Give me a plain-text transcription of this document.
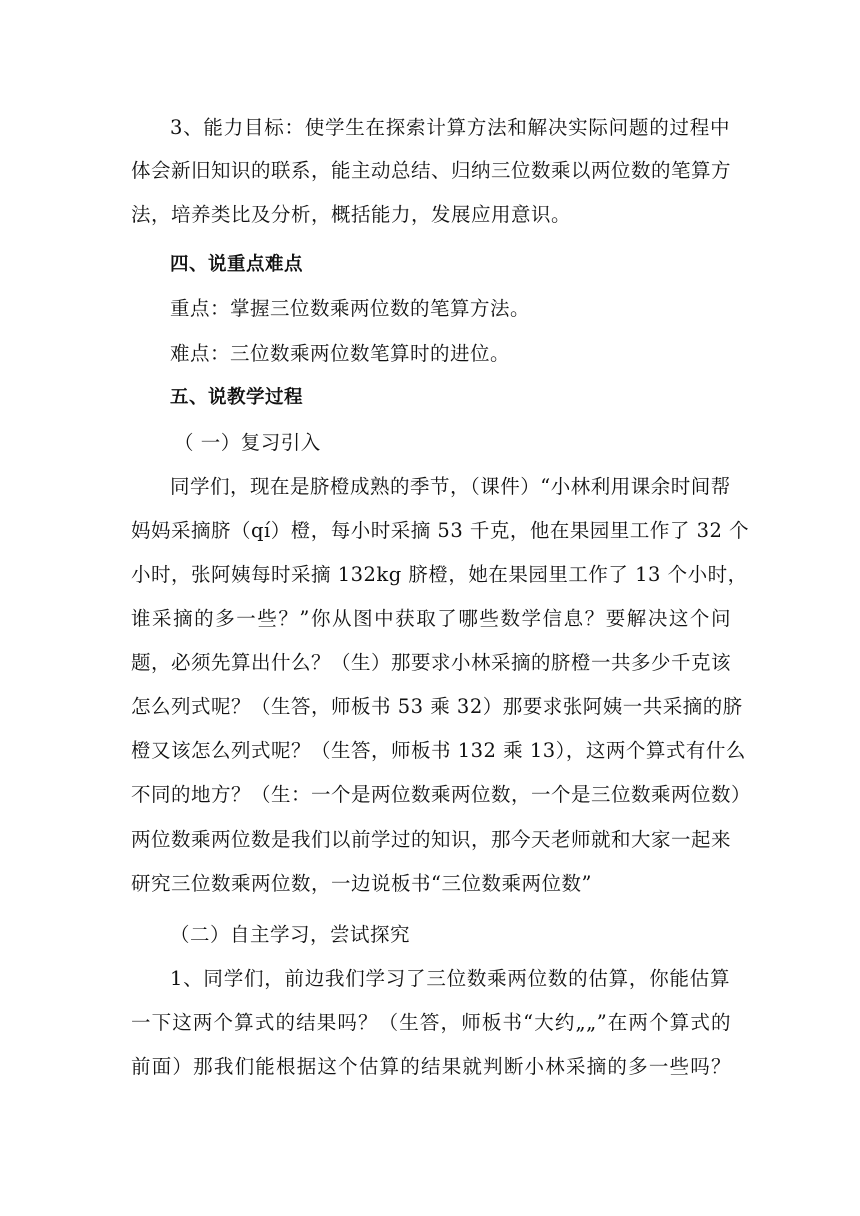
3、能力目标：使学生在探索计算方法和解决实际问题的过程中
体会新旧知识的联系，能主动总结、归纳三位数乘以两位数的笔算方
法，培养类比及分析，概括能力，发展应用意识。
四、说重点难点
重点：掌握三位数乘两位数的笔算方法。
难点：三位数乘两位数笔算时的进位。
五、说教学过程
（ 一）复习引入
同学们，现在是脐橙成熟的季节，（课件）“小林利用课余时间帮
妈妈采摘脐（qí）橙，每小时采摘 53 千克，他在果园里工作了 32 个
小时，张阿姨每时采摘 132kg 脐橙，她在果园里工作了 13 个小时，
谁采摘的多一些？”你从图中获取了哪些数学信息？要解决这个问
题，必须先算出什么？（生）那要求小林采摘的脐橙一共多少千克该
怎么列式呢？（生答，师板书 53 乘 32）那要求张阿姨一共采摘的脐
橙又该怎么列式呢？（生答，师板书 132 乘 13），这两个算式有什么
不同的地方？（生：一个是两位数乘两位数，一个是三位数乘两位数）
两位数乘两位数是我们以前学过的知识，那今天老师就和大家一起来
研究三位数乘两位数，一边说板书“三位数乘两位数”
（二）自主学习，尝试探究
1、同学们，前边我们学习了三位数乘两位数的估算，你能估算
一下这两个算式的结果吗？（生答，师板书“大约„„”在两个算式的
前面）那我们能根据这个估算的结果就判断小林采摘的多一些吗？
